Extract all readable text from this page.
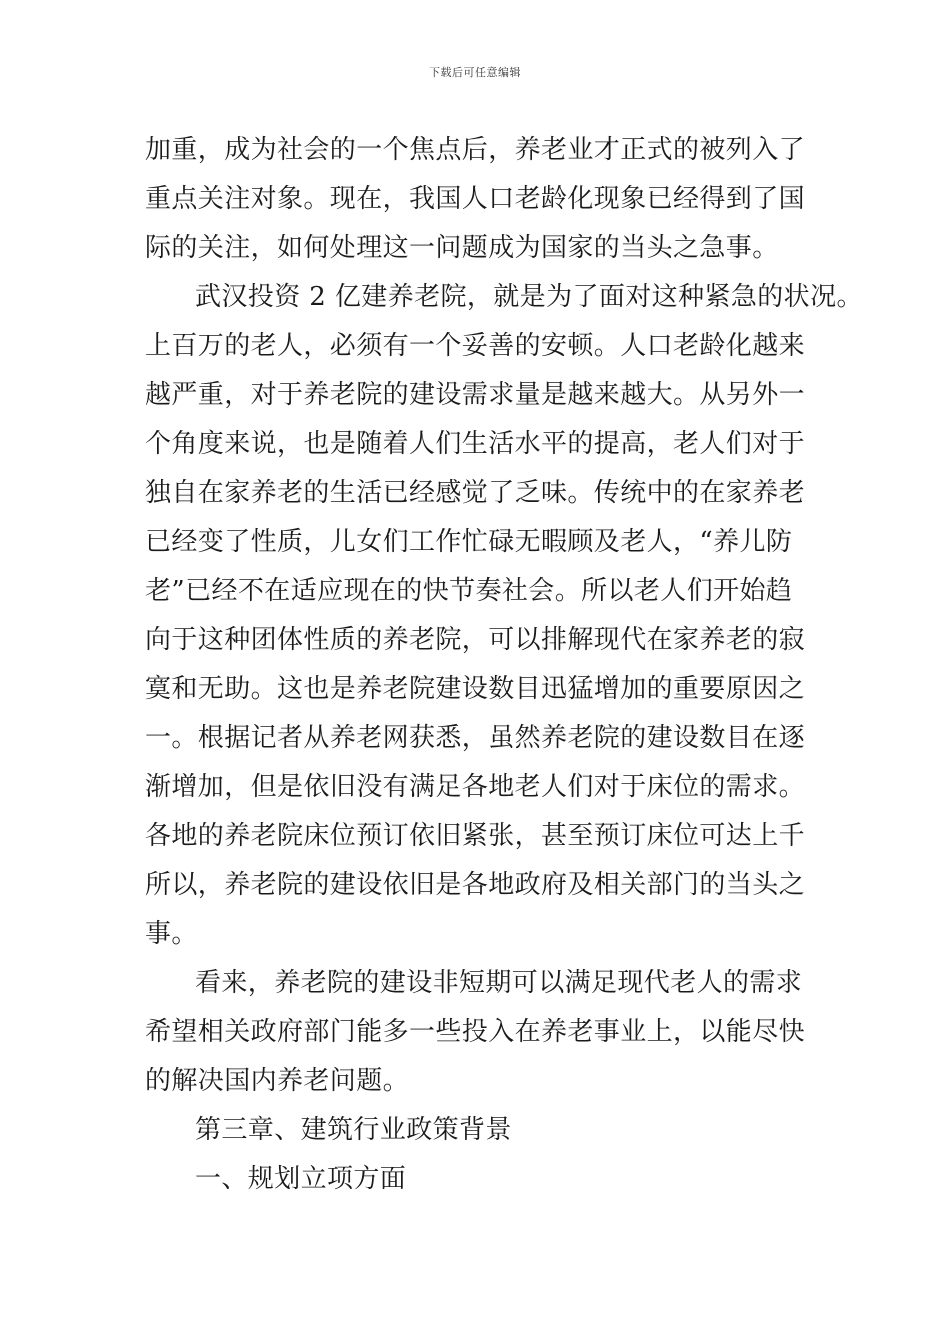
下载后可任意编辑
加重，成为社会的一个焦点后，养老业才正式的被列入了
重点关注对象。现在，我国人口老龄化现象已经得到了国
际的关注，如何处理这一问题成为国家的当头之急事。
武汉投资 2 亿建养老院，就是为了面对这种紧急的状况。
上百万的老人，必须有一个妥善的安顿。人口老龄化越来
越严重，对于养老院的建设需求量是越来越大。从另外一
个角度来说，也是随着人们生活水平的提高，老人们对于
独自在家养老的生活已经感觉了乏味。传统中的在家养老
已经变了性质，儿女们工作忙碌无暇顾及老人，“养儿防
老”已经不在适应现在的快节奏社会。所以老人们开始趋
向于这种团体性质的养老院，可以排解现代在家养老的寂
寞和无助。这也是养老院建设数目迅猛增加的重要原因之
一。根据记者从养老网获悉，虽然养老院的建设数目在逐
渐增加，但是依旧没有满足各地老人们对于床位的需求。
各地的养老院床位预订依旧紧张，甚至预订床位可达上千
所以，养老院的建设依旧是各地政府及相关部门的当头之
事。
看来，养老院的建设非短期可以满足现代老人的需求
希望相关政府部门能多一些投入在养老事业上，以能尽快
的解决国内养老问题。
第三章、建筑行业政策背景
一、规划立项方面
